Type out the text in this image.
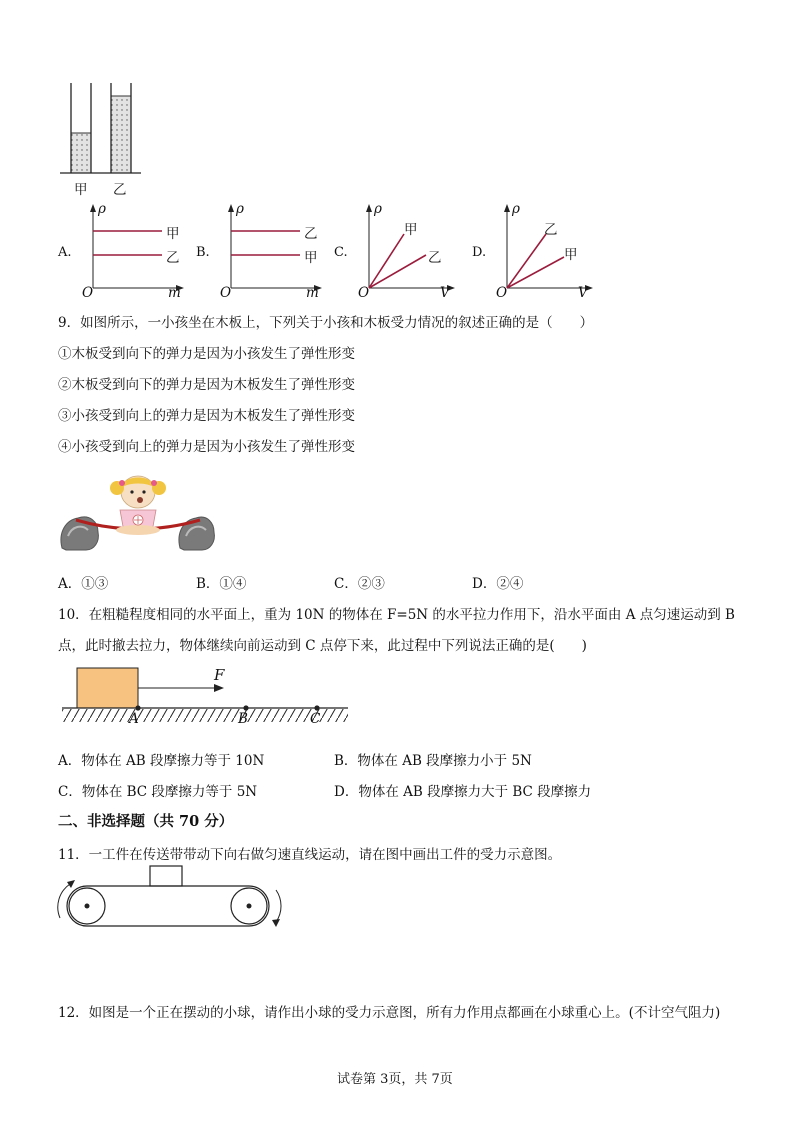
甲 乙
A.
ρ
O	m
甲
乙 B.
ρ
O	m
乙
甲 C.
ρ
O	V
甲
乙 D.
ρ
O	V
乙
甲
9．如图所示，一小孩坐在木板上，下列关于小孩和木板受力情况的叙述正确的是（　　）
①木板受到向下的弹力是因为小孩发生了弹性形变
②木板受到向下的弹力是因为木板发生了弹性形变
③小孩受到向上的弹力是因为木板发生了弹性形变
④小孩受到向上的弹力是因为小孩发生了弹性形变
A．①③	B．①④	C．②③	D．②④
10．在粗糙程度相同的水平面上，重为 10N 的物体在 F=5N 的水平拉力作用下，沿水平面由 A 点匀速运动到 B
点，此时撤去拉力，物体继续向前运动到 C 点停下来，此过程中下列说法正确的是(　　)
F
A	B	C
A．物体在 AB 段摩擦力等于 10N	B．物体在 AB 段摩擦力小于 5N
C．物体在 BC 段摩擦力等于 5N	D．物体在 AB 段摩擦力大于 BC 段摩擦力
二、非选择题（共 70 分）
11．一工件在传送带带动下向右做匀速直线运动，请在图中画出工件的受力示意图。
12．如图是一个正在摆动的小球，请作出小球的受力示意图，所有力作用点都画在小球重心上。(不计空气阻力)
试卷第 3页，共 7页
